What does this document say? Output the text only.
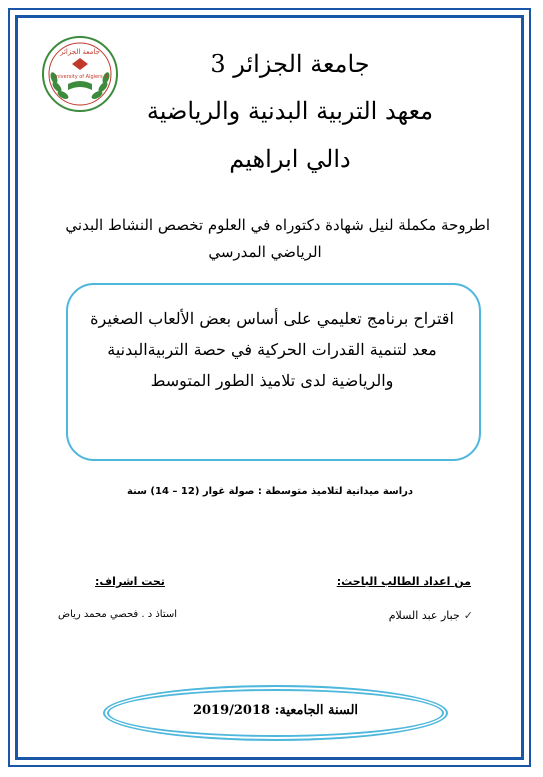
جامعة الجزائر
University of Algiers 3	جامعة الجزائر 3
معهد التربية البدنية والرياضية
دالي ابراهيم
اطروحة مكملة لنيل شهادة دكتوراه في العلوم تخصص النشاط البدني
الرياضي المدرسي
اقتراح برنامج تعليمي على أساس بعض الألعاب الصغيرة
معد لتنمية القدرات الحركية في حصة التربيةالبدنية
والرياضية لدى تلاميذ الطور المتوسط
دراسة ميدانية لتلاميذ متوسطة : صولة غوار (12 – 14) سنة
من اعداد الطالب الباحث:
تحت اشراف:
✓
جبار عبد السلام
استاذ د . فحصي محمد رياض
السنة الجامعية: 2019/2018
